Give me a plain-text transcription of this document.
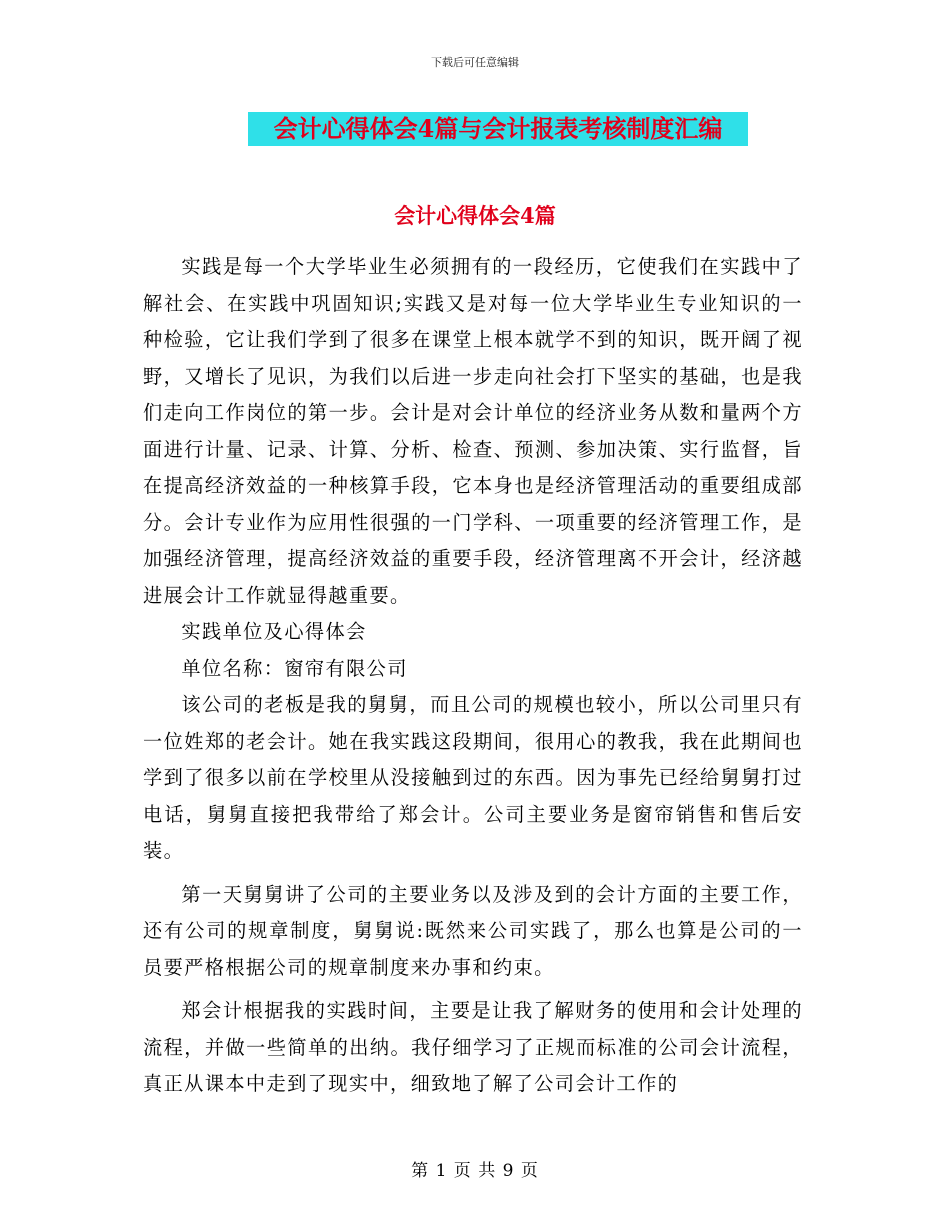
下载后可任意编辑
会计心得体会4篇与会计报表考核制度汇编
会计心得体会4篇

实践是每一个大学毕业生必须拥有的一段经历，它使我们在实践中了解社会、在实践中巩固知识;实践又是对每一位大学毕业生专业知识的一种检验，它让我们学到了很多在课堂上根本就学不到的知识，既开阔了视野，又增长了见识，为我们以后进一步走向社会打下坚实的基础，也是我们走向工作岗位的第一步。会计是对会计单位的经济业务从数和量两个方面进行计量、记录、计算、分析、检查、预测、参加决策、实行监督，旨在提高经济效益的一种核算手段，它本身也是经济管理活动的重要组成部分。会计专业作为应用性很强的一门学科、一项重要的经济管理工作，是加强经济管理，提高经济效益的重要手段，经济管理离不开会计，经济越进展会计工作就显得越重要。

实践单位及心得体会

单位名称：窗帘有限公司

该公司的老板是我的舅舅，而且公司的规模也较小，所以公司里只有一位姓郑的老会计。她在我实践这段期间，很用心的教我，我在此期间也学到了很多以前在学校里从没接触到过的东西。因为事先已经给舅舅打过电话，舅舅直接把我带给了郑会计。公司主要业务是窗帘销售和售后安装。

第一天舅舅讲了公司的主要业务以及涉及到的会计方面的主要工作，还有公司的规章制度，舅舅说:既然来公司实践了，那么也算是公司的一员要严格根据公司的规章制度来办事和约束。

郑会计根据我的实践时间，主要是让我了解财务的使用和会计处理的流程，并做一些简单的出纳。我仔细学习了正规而标准的公司会计流程，真正从课本中走到了现实中，细致地了解了公司会计工作的

第 1 页 共 9 页
